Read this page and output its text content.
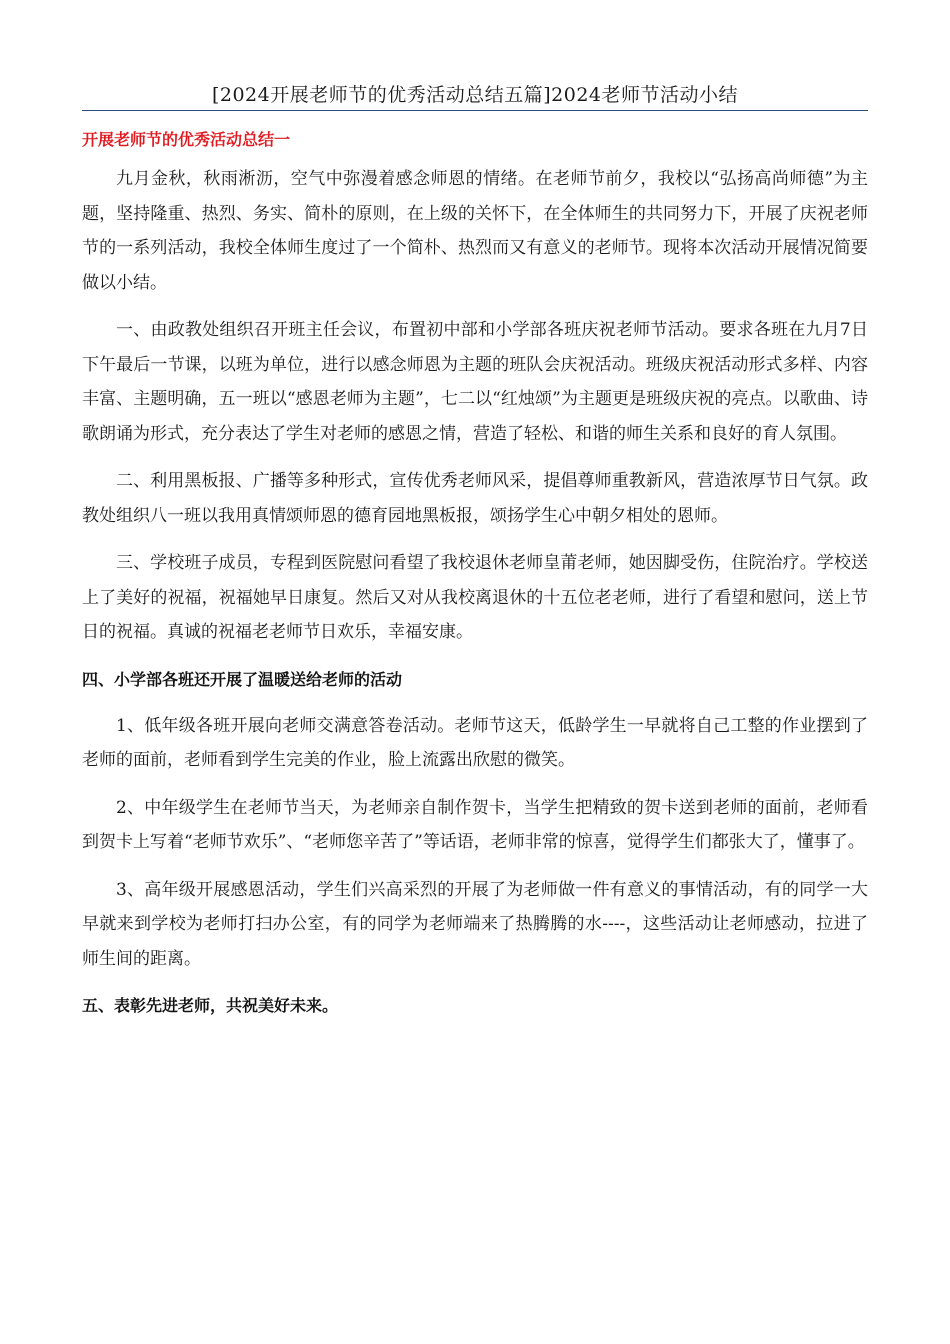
[2024开展老师节的优秀活动总结五篇]2024老师节活动小结
开展老师节的优秀活动总结一

九月金秋，秋雨淅沥，空气中弥漫着感念师恩的情绪。在老师节前夕，我校以“弘扬高尚师德”为主题，坚持隆重、热烈、务实、简朴的原则，在上级的关怀下，在全体师生的共同努力下，开展了庆祝老师节的一系列活动，我校全体师生度过了一个简朴、热烈而又有意义的老师节。现将本次活动开展情况简要做以小结。

一、由政教处组织召开班主任会议，布置初中部和小学部各班庆祝老师节活动。要求各班在九月7日下午最后一节课，以班为单位，进行以感念师恩为主题的班队会庆祝活动。班级庆祝活动形式多样、内容丰富、主题明确，五一班以“感恩老师为主题”，七二以“红烛颂”为主题更是班级庆祝的亮点。以歌曲、诗歌朗诵为形式，充分表达了学生对老师的感恩之情，营造了轻松、和谐的师生关系和良好的育人氛围。

二、利用黑板报、广播等多种形式，宣传优秀老师风采，提倡尊师重教新风，营造浓厚节日气氛。政教处组织八一班以我用真情颂师恩的德育园地黑板报，颂扬学生心中朝夕相处的恩师。

三、学校班子成员，专程到医院慰问看望了我校退休老师皇莆老师，她因脚受伤，住院治疗。学校送上了美好的祝福，祝福她早日康复。然后又对从我校离退休的十五位老老师，进行了看望和慰问，送上节日的祝福。真诚的祝福老老师节日欢乐，幸福安康。

四、小学部各班还开展了温暖送给老师的活动

1、低年级各班开展向老师交满意答卷活动。老师节这天，低龄学生一早就将自己工整的作业摆到了老师的面前，老师看到学生完美的作业，脸上流露出欣慰的微笑。

2、中年级学生在老师节当天，为老师亲自制作贺卡，当学生把精致的贺卡送到老师的面前，老师看到贺卡上写着“老师节欢乐”、“老师您辛苦了”等话语，老师非常的惊喜，觉得学生们都张大了，懂事了。

3、高年级开展感恩活动，学生们兴高采烈的开展了为老师做一件有意义的事情活动，有的同学一大早就来到学校为老师打扫办公室，有的同学为老师端来了热腾腾的水----，这些活动让老师感动，拉进了师生间的距离。

五、表彰先进老师，共祝美好未来。
